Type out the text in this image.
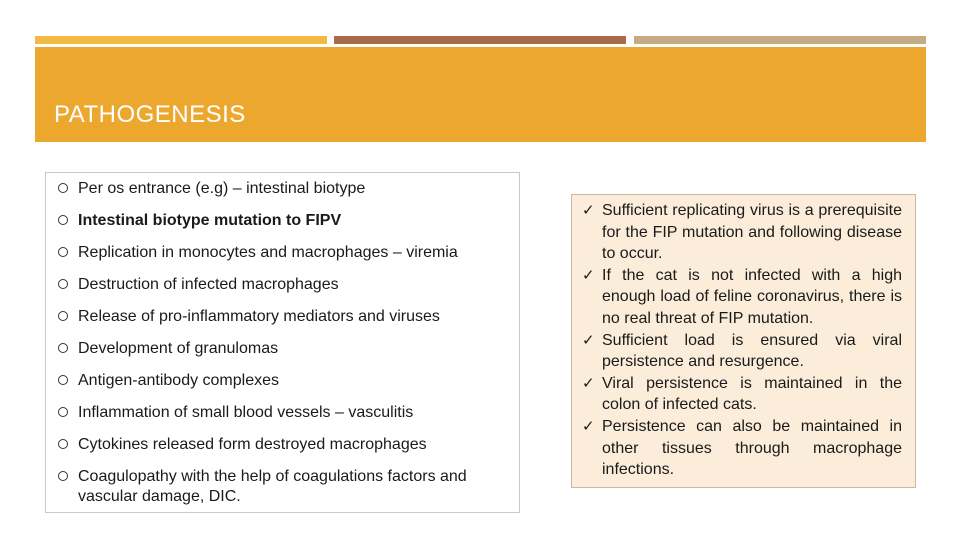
PATHOGENESIS
Per os entrance (e.g) – intestinal biotype
Intestinal biotype mutation to FIPV
Replication in monocytes and macrophages – viremia
Destruction of infected macrophages
Release of pro-inflammatory mediators and viruses
Development of granulomas
Antigen-antibody complexes
Inflammation of small blood vessels – vasculitis
Cytokines released form destroyed macrophages
Coagulopathy with the help of coagulations factors and vascular damage, DIC.
✓ Sufficient replicating virus is a prerequisite for the FIP mutation and following disease to occur.
✓ If the cat is not infected with a high enough load of feline coronavirus, there is no real threat of FIP mutation.
✓ Sufficient load is ensured via viral persistence and resurgence.
✓ Viral persistence is maintained in the colon of infected cats.
✓ Persistence can also be maintained in other tissues through macrophage infections.
